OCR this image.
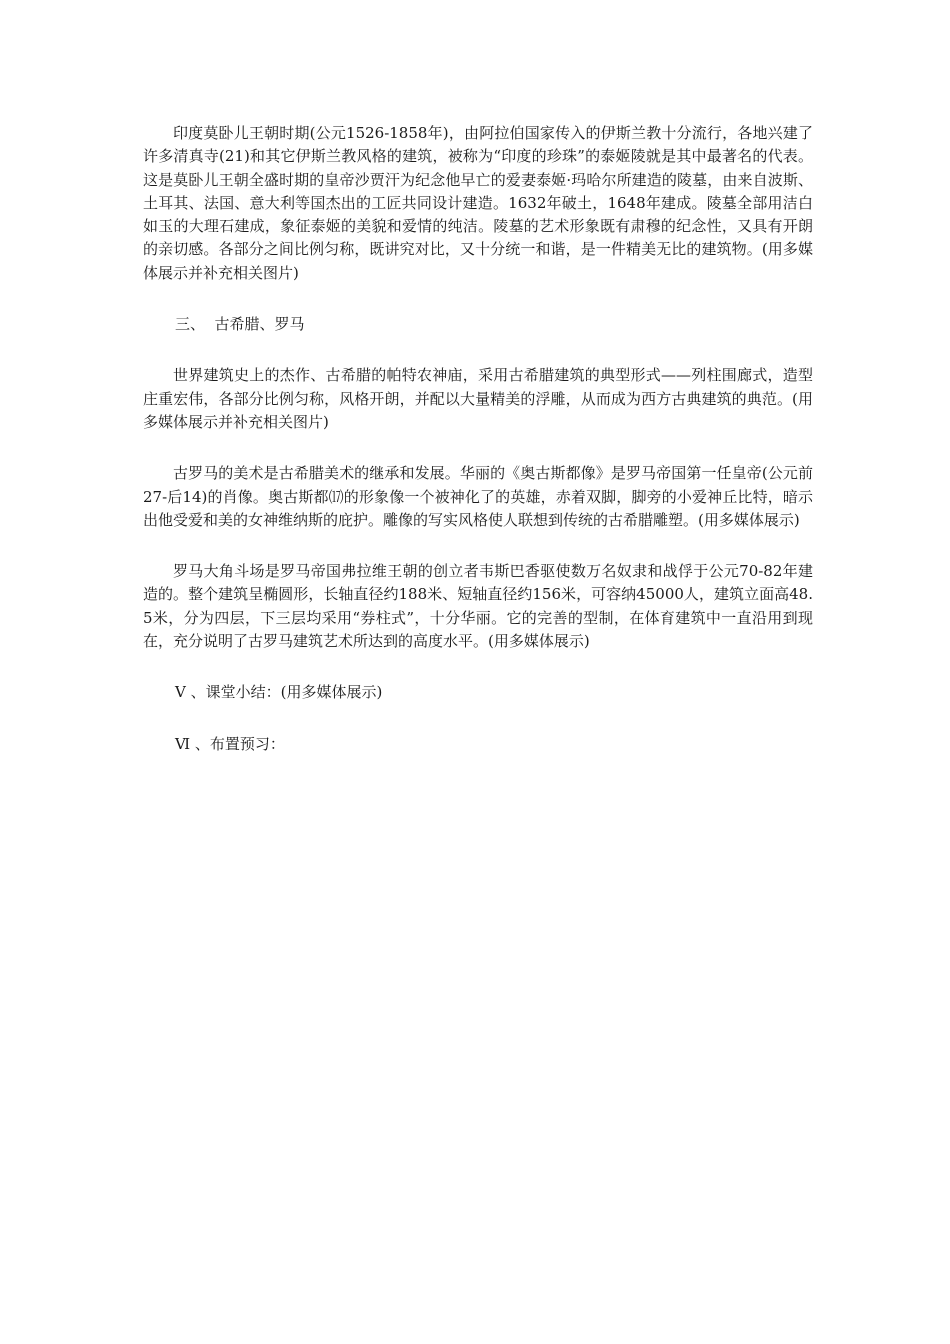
印度莫卧儿王朝时期(公元1526-1858年)，由阿拉伯国家传入的伊斯兰教十分流行，各地兴建了许多清真寺(21)和其它伊斯兰教风格的建筑，被称为“印度的珍珠”的泰姬陵就是其中最著名的代表。这是莫卧儿王朝全盛时期的皇帝沙贾汗为纪念他早亡的爱妻泰姬·玛哈尔所建造的陵墓，由来自波斯、土耳其、法国、意大利等国杰出的工匠共同设计建造。1632年破土，1648年建成。陵墓全部用洁白如玉的大理石建成，象征泰姬的美貌和爱情的纯洁。陵墓的艺术形象既有肃穆的纪念性，又具有开朗的亲切感。各部分之间比例匀称，既讲究对比，又十分统一和谐，是一件精美无比的建筑物。(用多媒体展示并补充相关图片)

三、  古希腊、罗马

世界建筑史上的杰作、古希腊的帕特农神庙，采用古希腊建筑的典型形式——列柱围廊式，造型庄重宏伟，各部分比例匀称，风格开朗，并配以大量精美的浮雕，从而成为西方古典建筑的典范。(用多媒体展示并补充相关图片)

古罗马的美术是古希腊美术的继承和发展。华丽的《奥古斯都像》是罗马帝国第一任皇帝(公元前27-后14)的肖像。奥古斯都⒄的形象像一个被神化了的英雄，赤着双脚，脚旁的小爱神丘比特，暗示出他受爱和美的女神维纳斯的庇护。雕像的写实风格使人联想到传统的古希腊雕塑。(用多媒体展示)

罗马大角斗场是罗马帝国弗拉维王朝的创立者韦斯巴香驱使数万名奴隶和战俘于公元70-82年建造的。整个建筑呈椭圆形，长轴直径约188米、短轴直径约156米，可容纳45000人，建筑立面高48.5米，分为四层，下三层均采用“券柱式”，十分华丽。它的完善的型制，在体育建筑中一直沿用到现在，充分说明了古罗马建筑艺术所达到的高度水平。(用多媒体展示)

Ⅴ 、课堂小结：(用多媒体展示)

Ⅵ 、布置预习：
